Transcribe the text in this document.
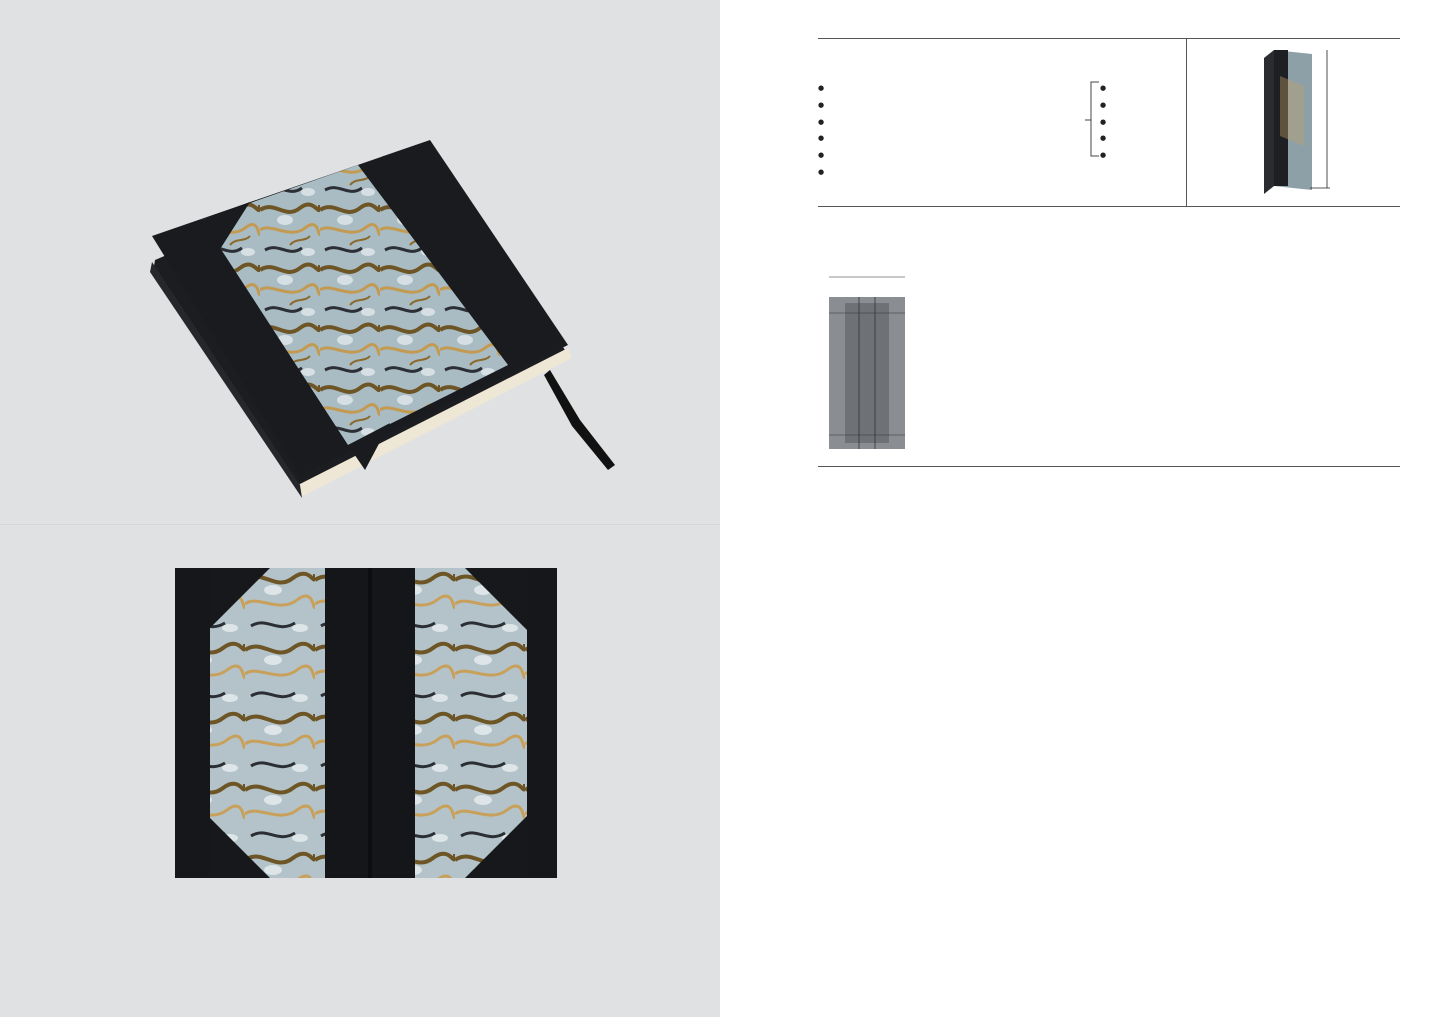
●
●
●
●
●
●
●
●
●
●
●
